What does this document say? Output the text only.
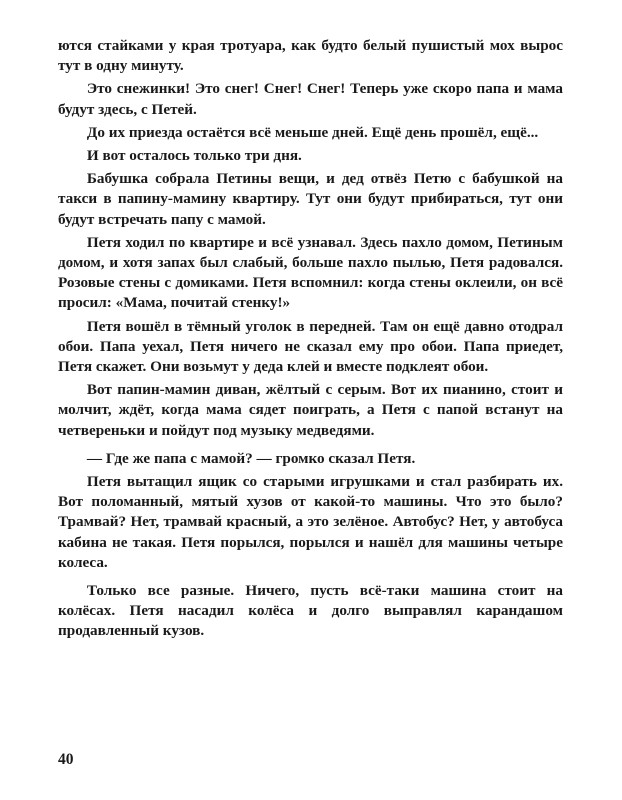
ются стайками у края тротуара, как будто белый пушистый мох вырос тут в одну минуту.

Это снежинки! Это снег! Снег! Снег! Теперь уже скоро папа и мама будут здесь, с Петей.

До их приезда остаётся всё меньше дней. Ещё день прошёл, ещё...

И вот осталось только три дня.

Бабушка собрала Петины вещи, и дед отвёз Петю с бабушкой на такси в папину-мамину квартиру. Тут они будут прибираться, тут они будут встречать папу с мамой.

Петя ходил по квартире и всё узнавал. Здесь пахло домом, Петиным домом, и хотя запах был слабый, больше пахло пылью, Петя радовался. Розовые стены с домиками. Петя вспомнил: когда стены оклеили, он всё просил: «Мама, почитай стенку!»

Петя вошёл в тёмный уголок в передней. Там он ещё давно отодрал обои. Папа уехал, Петя ничего не сказал ему про обои. Папа приедет, Петя скажет. Они возьмут у деда клей и вместе подклеят обои.

Вот папин-мамин диван, жёлтый с серым. Вот их пианино, стоит и молчит, ждёт, когда мама сядет поиграть, а Петя с папой встанут на четвереньки и пойдут под музыку медведями.

— Где же папа с мамой? — громко сказал Петя.

Петя вытащил ящик со старыми игрушками и стал разбирать их. Вот поломанный, мятый хузов от какой-то машины. Что это было? Трамвай? Нет, трамвай красный, а это зелёное. Автобус? Нет, у автобуса кабина не такая. Петя порылся, порылся и нашёл для машины четыре колеса.

Только все разные. Ничего, пусть всё-таки машина стоит на колёсах. Петя насадил колёса и долго выправлял карандашом продавленный кузов.

40
